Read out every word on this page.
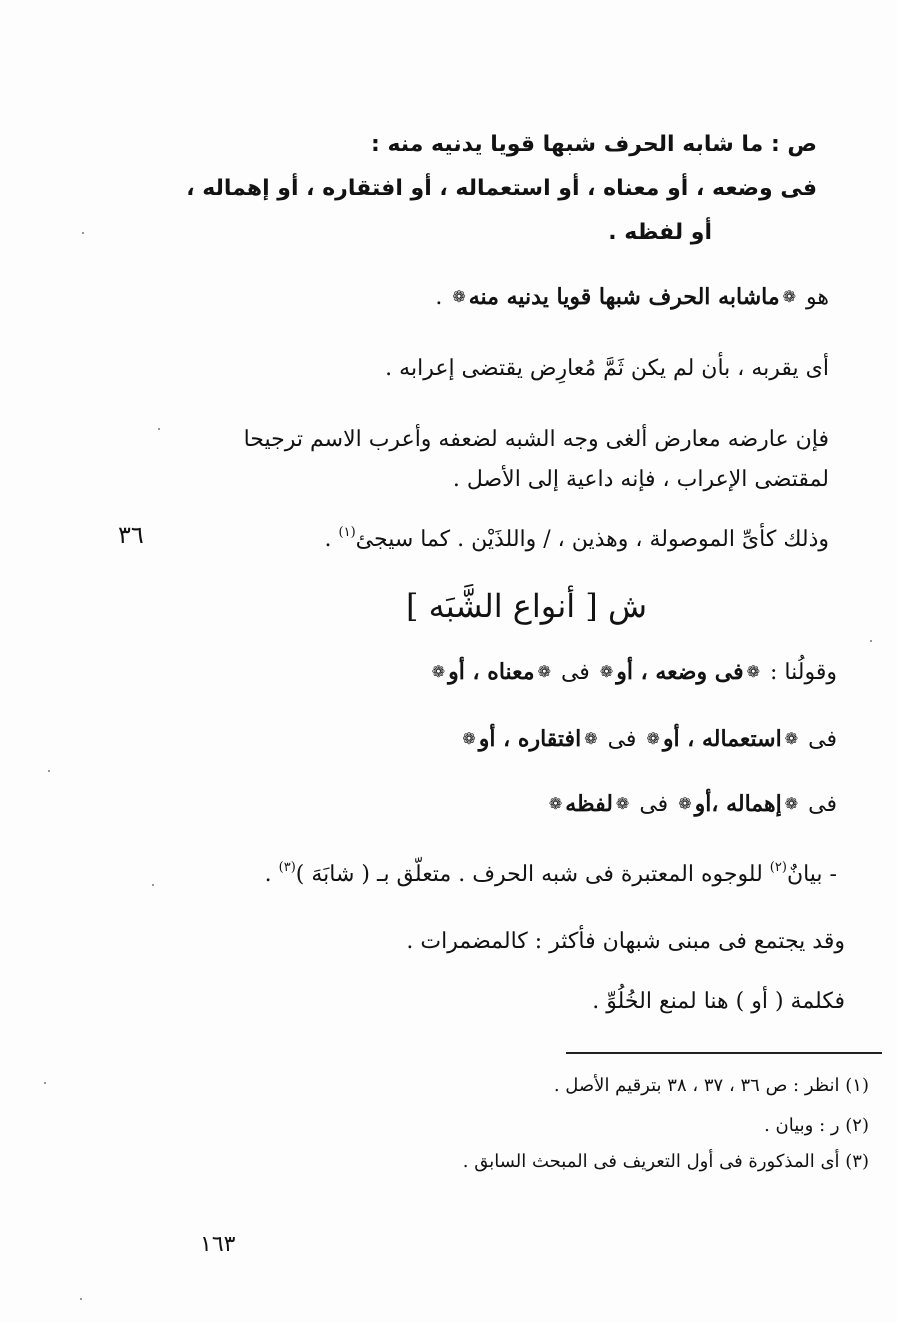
ص : ما شابه الحرف شبها قويا يدنيه منه :
فى وضعه ، أو معناه ، أو استعماله ، أو افتقاره ، أو إهماله ،
أو لفظه .
هو ❁ماشابه الحرف شبها قويا يدنيه منه❁ .
أى يقربه ، بأن لم يكن ثَمَّ مُعارِض يقتضى إعرابه .
فإن عارضه معارض ألغى وجه الشبه لضعفه وأعرب الاسم ترجيحا
لمقتضى الإعراب ، فإنه داعية إلى الأصل .
وذلك كأىِّ الموصولة ، وهذين ، / واللذَيْن . كما سيجئ$^{(١)}$ .
٣٦
ش [ أنواع الشَّبَه ]
وقولُنا : ❁فى وضعه ، أو❁ فى ❁معناه ، أو❁
فى ❁استعماله ، أو❁ فى ❁افتقاره ، أو❁
فى ❁إهماله ،أو❁ فى ❁لفظه❁
- بيانٌ$^{(٢)}$ للوجوه المعتبرة فى شبه الحرف . متعلّق بـ ( شابَهَ )$^{(٣)}$ .
وقد يجتمع فى مبنى شبهان فأكثر : كالمضمرات .
فكلمة ( أو ) هنا لمنع الخُلُوِّ .
(١) انظر : ص ٣٦ ، ٣٧ ، ٣٨ بترقيم الأصل .
(٢) ر : وبيان .
(٣) أى المذكورة فى أول التعريف فى المبحث السابق .
١٦٣
